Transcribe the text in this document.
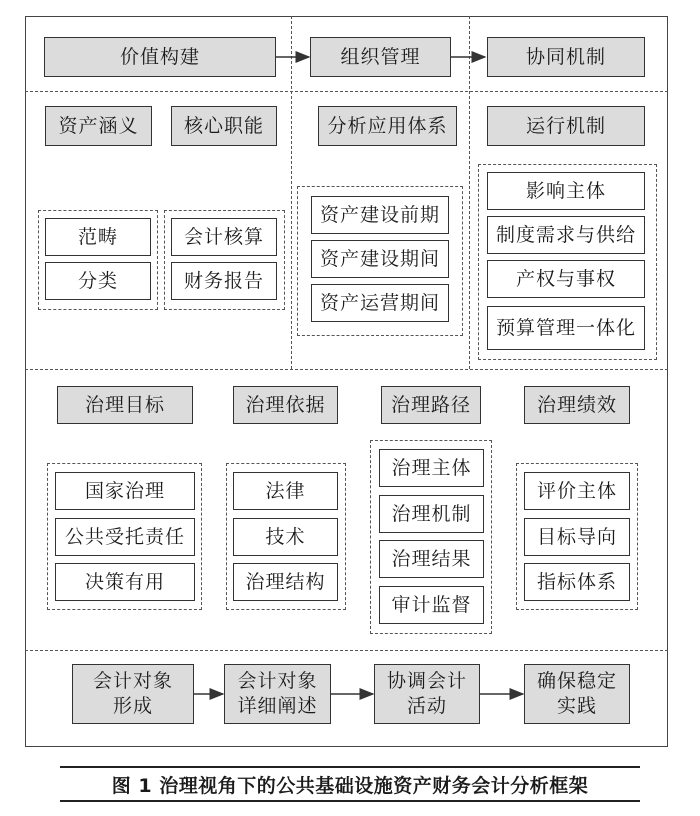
价值构建	组织管理	协同机制
资产涵义	核心职能
范畴
分类
会计核算
财务报告
分析应用体系
资产建设前期
资产建设期间
资产运营期间
运行机制
影响主体
制度需求与供给
产权与事权
预算管理一体化
治理目标	治理依据	治理路径	治理绩效
国家治理
公共受托责任
决策有用
法律
技术
治理结构
治理主体
治理机制
治理结果
审计监督
评价主体
目标导向
指标体系
会计对象
形成
会计对象
详细阐述
协调会计
活动
确保稳定
实践
图 1 治理视角下的公共基础设施资产财务会计分析框架
